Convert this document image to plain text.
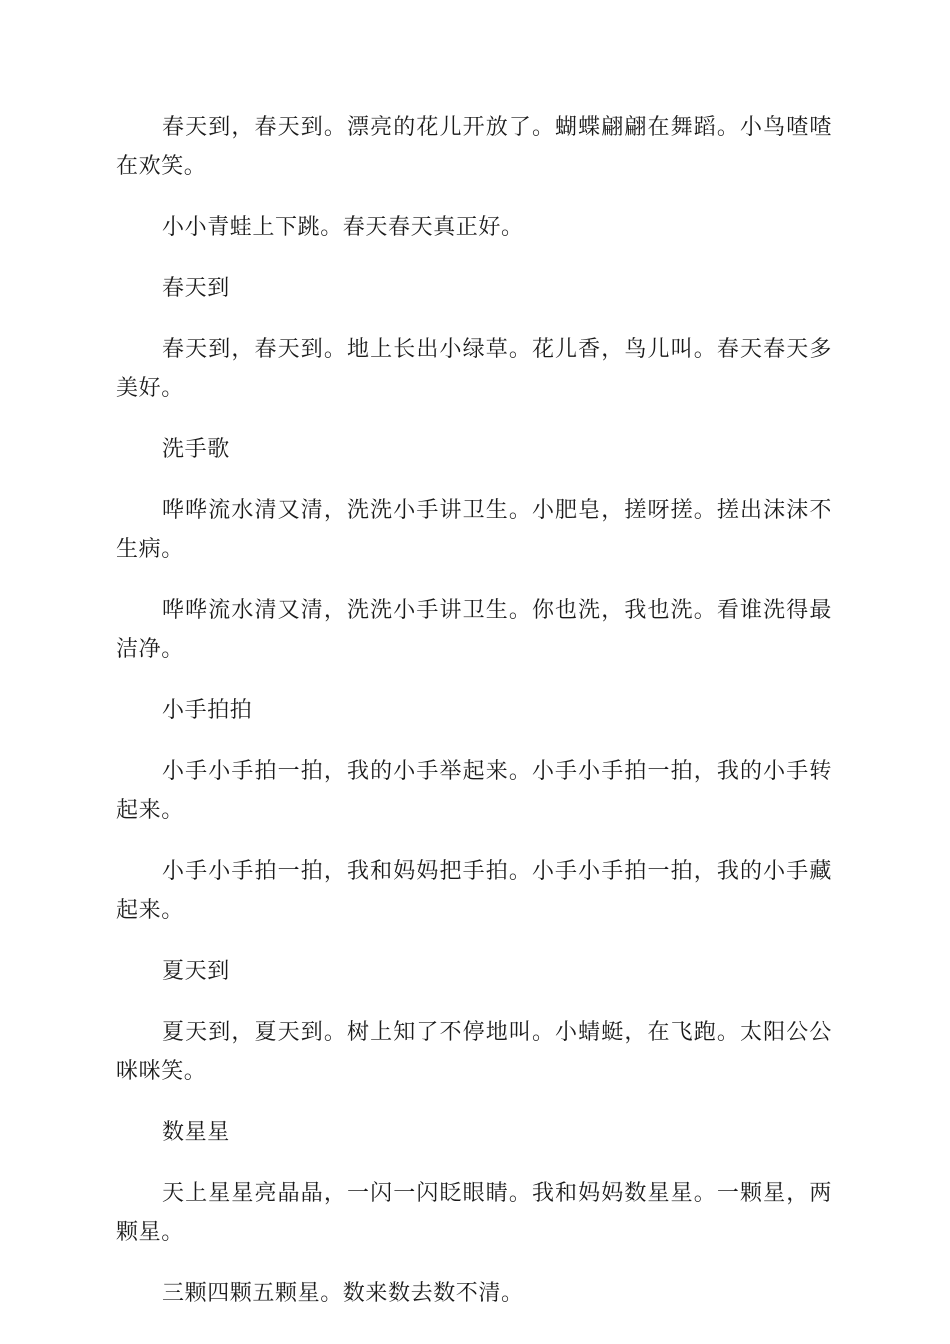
春天到，春天到。漂亮的花儿开放了。蝴蝶翩翩在舞蹈。小鸟喳喳在欢笑。

小小青蛙上下跳。春天春天真正好。

春天到

春天到，春天到。地上长出小绿草。花儿香，鸟儿叫。春天春天多美好。

洗手歌

哗哗流水清又清，洗洗小手讲卫生。小肥皂，搓呀搓。搓出沫沫不生病。

哗哗流水清又清，洗洗小手讲卫生。你也洗，我也洗。看谁洗得最洁净。

小手拍拍

小手小手拍一拍，我的小手举起来。小手小手拍一拍，我的小手转起来。

小手小手拍一拍，我和妈妈把手拍。小手小手拍一拍，我的小手藏起来。

夏天到

夏天到，夏天到。树上知了不停地叫。小蜻蜓，在飞跑。太阳公公咪咪笑。

数星星

天上星星亮晶晶，一闪一闪眨眼睛。我和妈妈数星星。一颗星，两颗星。

三颗四颗五颗星。数来数去数不清。
